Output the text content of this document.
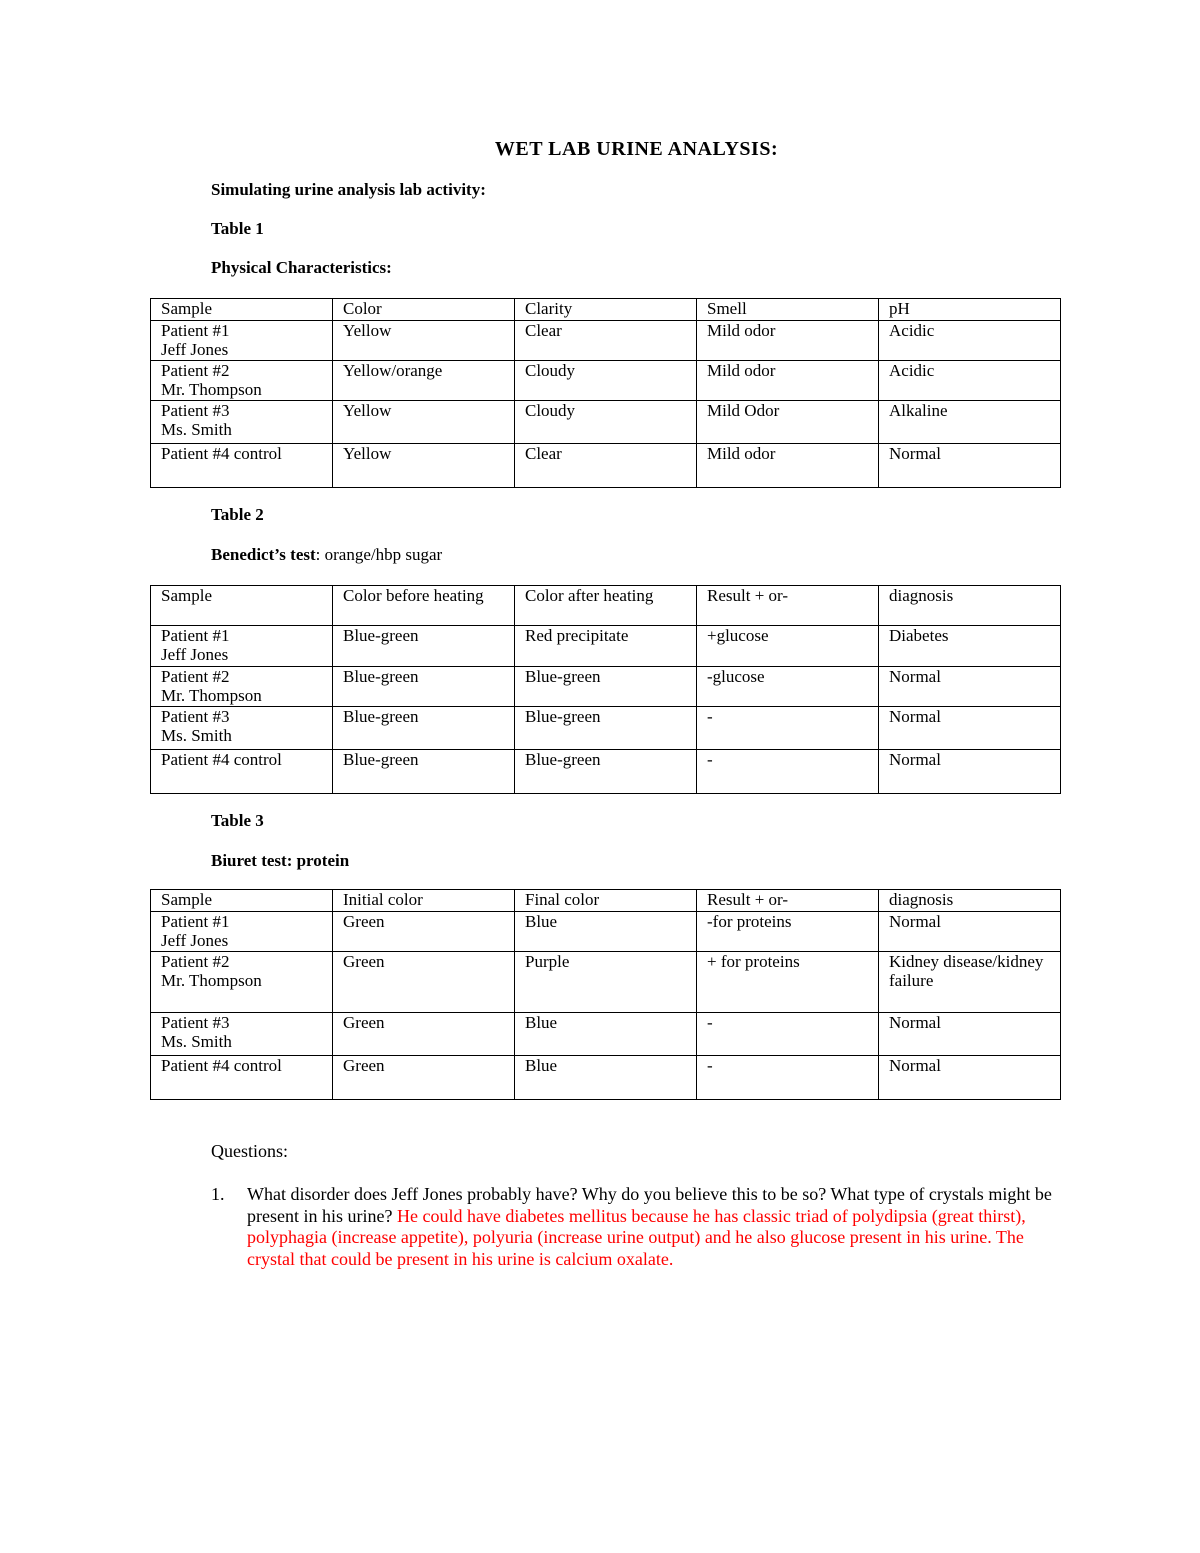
WET LAB URINE ANALYSIS:
Simulating urine analysis lab activity:
Table 1
Physical Characteristics:
Sample	Color	Clarity	Smell	pH
Patient #1
Jeff Jones	Yellow	Clear	Mild odor	Acidic
Patient #2
Mr. Thompson	Yellow/orange	Cloudy	Mild odor	Acidic
Patient #3
Ms. Smith	Yellow	Cloudy	Mild Odor	Alkaline
Patient #4 control	Yellow	Clear	Mild odor	Normal
Table 2
Benedict’s test: orange/hbp sugar
Sample	Color before heating	Color after heating	Result + or-	diagnosis
Patient #1
Jeff Jones	Blue-green	Red precipitate	+glucose	Diabetes
Patient #2
Mr. Thompson	Blue-green	Blue-green	-glucose	Normal
Patient #3
Ms. Smith	Blue-green	Blue-green	-	Normal
Patient #4 control	Blue-green	Blue-green	-	Normal
Table 3
Biuret test: protein
Sample	Initial color	Final color	Result + or-	diagnosis
Patient #1
Jeff Jones	Green	Blue	-for proteins	Normal
Patient #2
Mr. Thompson	Green	Purple	+ for proteins	Kidney disease/kidney failure
Patient #3
Ms. Smith	Green	Blue	-	Normal
Patient #4 control	Green	Blue	-	Normal
Questions:
1. What disorder does Jeff Jones probably have? Why do you believe this to be so? What type of crystals might be present in his urine? He could have diabetes mellitus because he has classic triad of polydipsia (great thirst), polyphagia (increase appetite), polyuria (increase urine output) and he also glucose present in his urine. The crystal that could be present in his urine is calcium oxalate.
